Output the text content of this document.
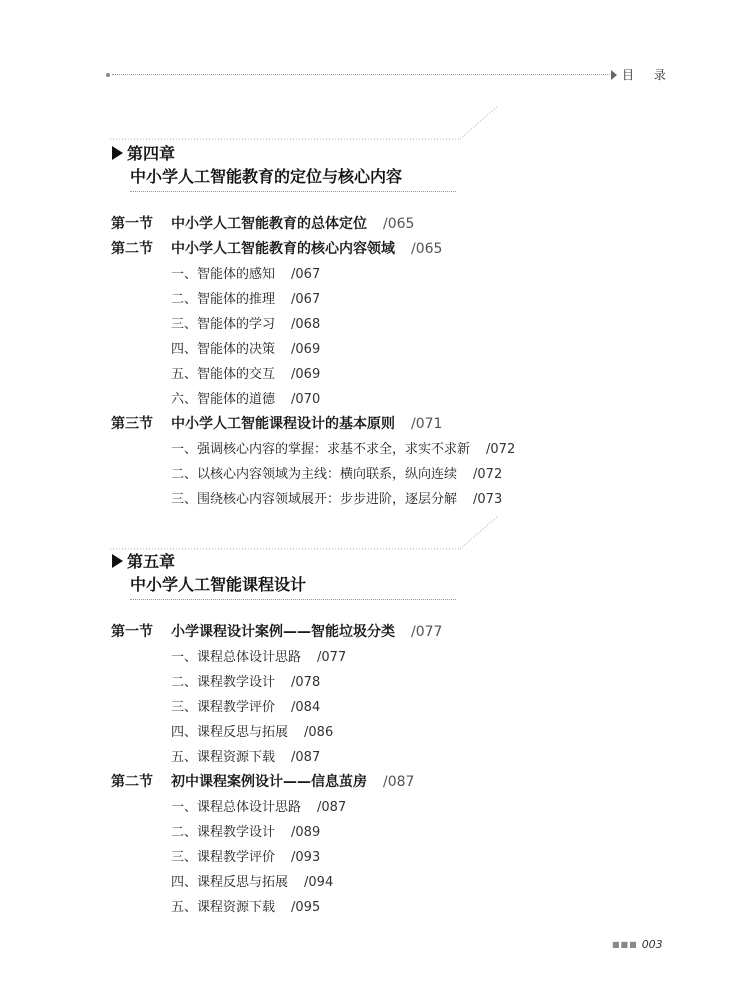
目 录
第四章
中小学人工智能教育的定位与核心内容
第一节 中小学人工智能教育的总体定位 /065
第二节 中小学人工智能教育的核心内容领域 /065
一、智能体的感知 /067
二、智能体的推理 /067
三、智能体的学习 /068
四、智能体的决策 /069
五、智能体的交互 /069
六、智能体的道德 /070
第三节 中小学人工智能课程设计的基本原则 /071
一、强调核心内容的掌握：求基不求全，求实不求新 /072
二、以核心内容领域为主线：横向联系，纵向连续 /072
三、围绕核心内容领域展开：步步进阶，逐层分解 /073
第五章
中小学人工智能课程设计
第一节 小学课程设计案例——智能垃圾分类 /077
一、课程总体设计思路 /077
二、课程教学设计 /078
三、课程教学评价 /084
四、课程反思与拓展 /086
五、课程资源下载 /087
第二节 初中课程案例设计——信息茧房 /087
一、课程总体设计思路 /087
二、课程教学设计 /089
三、课程教学评价 /093
四、课程反思与拓展 /094
五、课程资源下载 /095
■■■ 003
